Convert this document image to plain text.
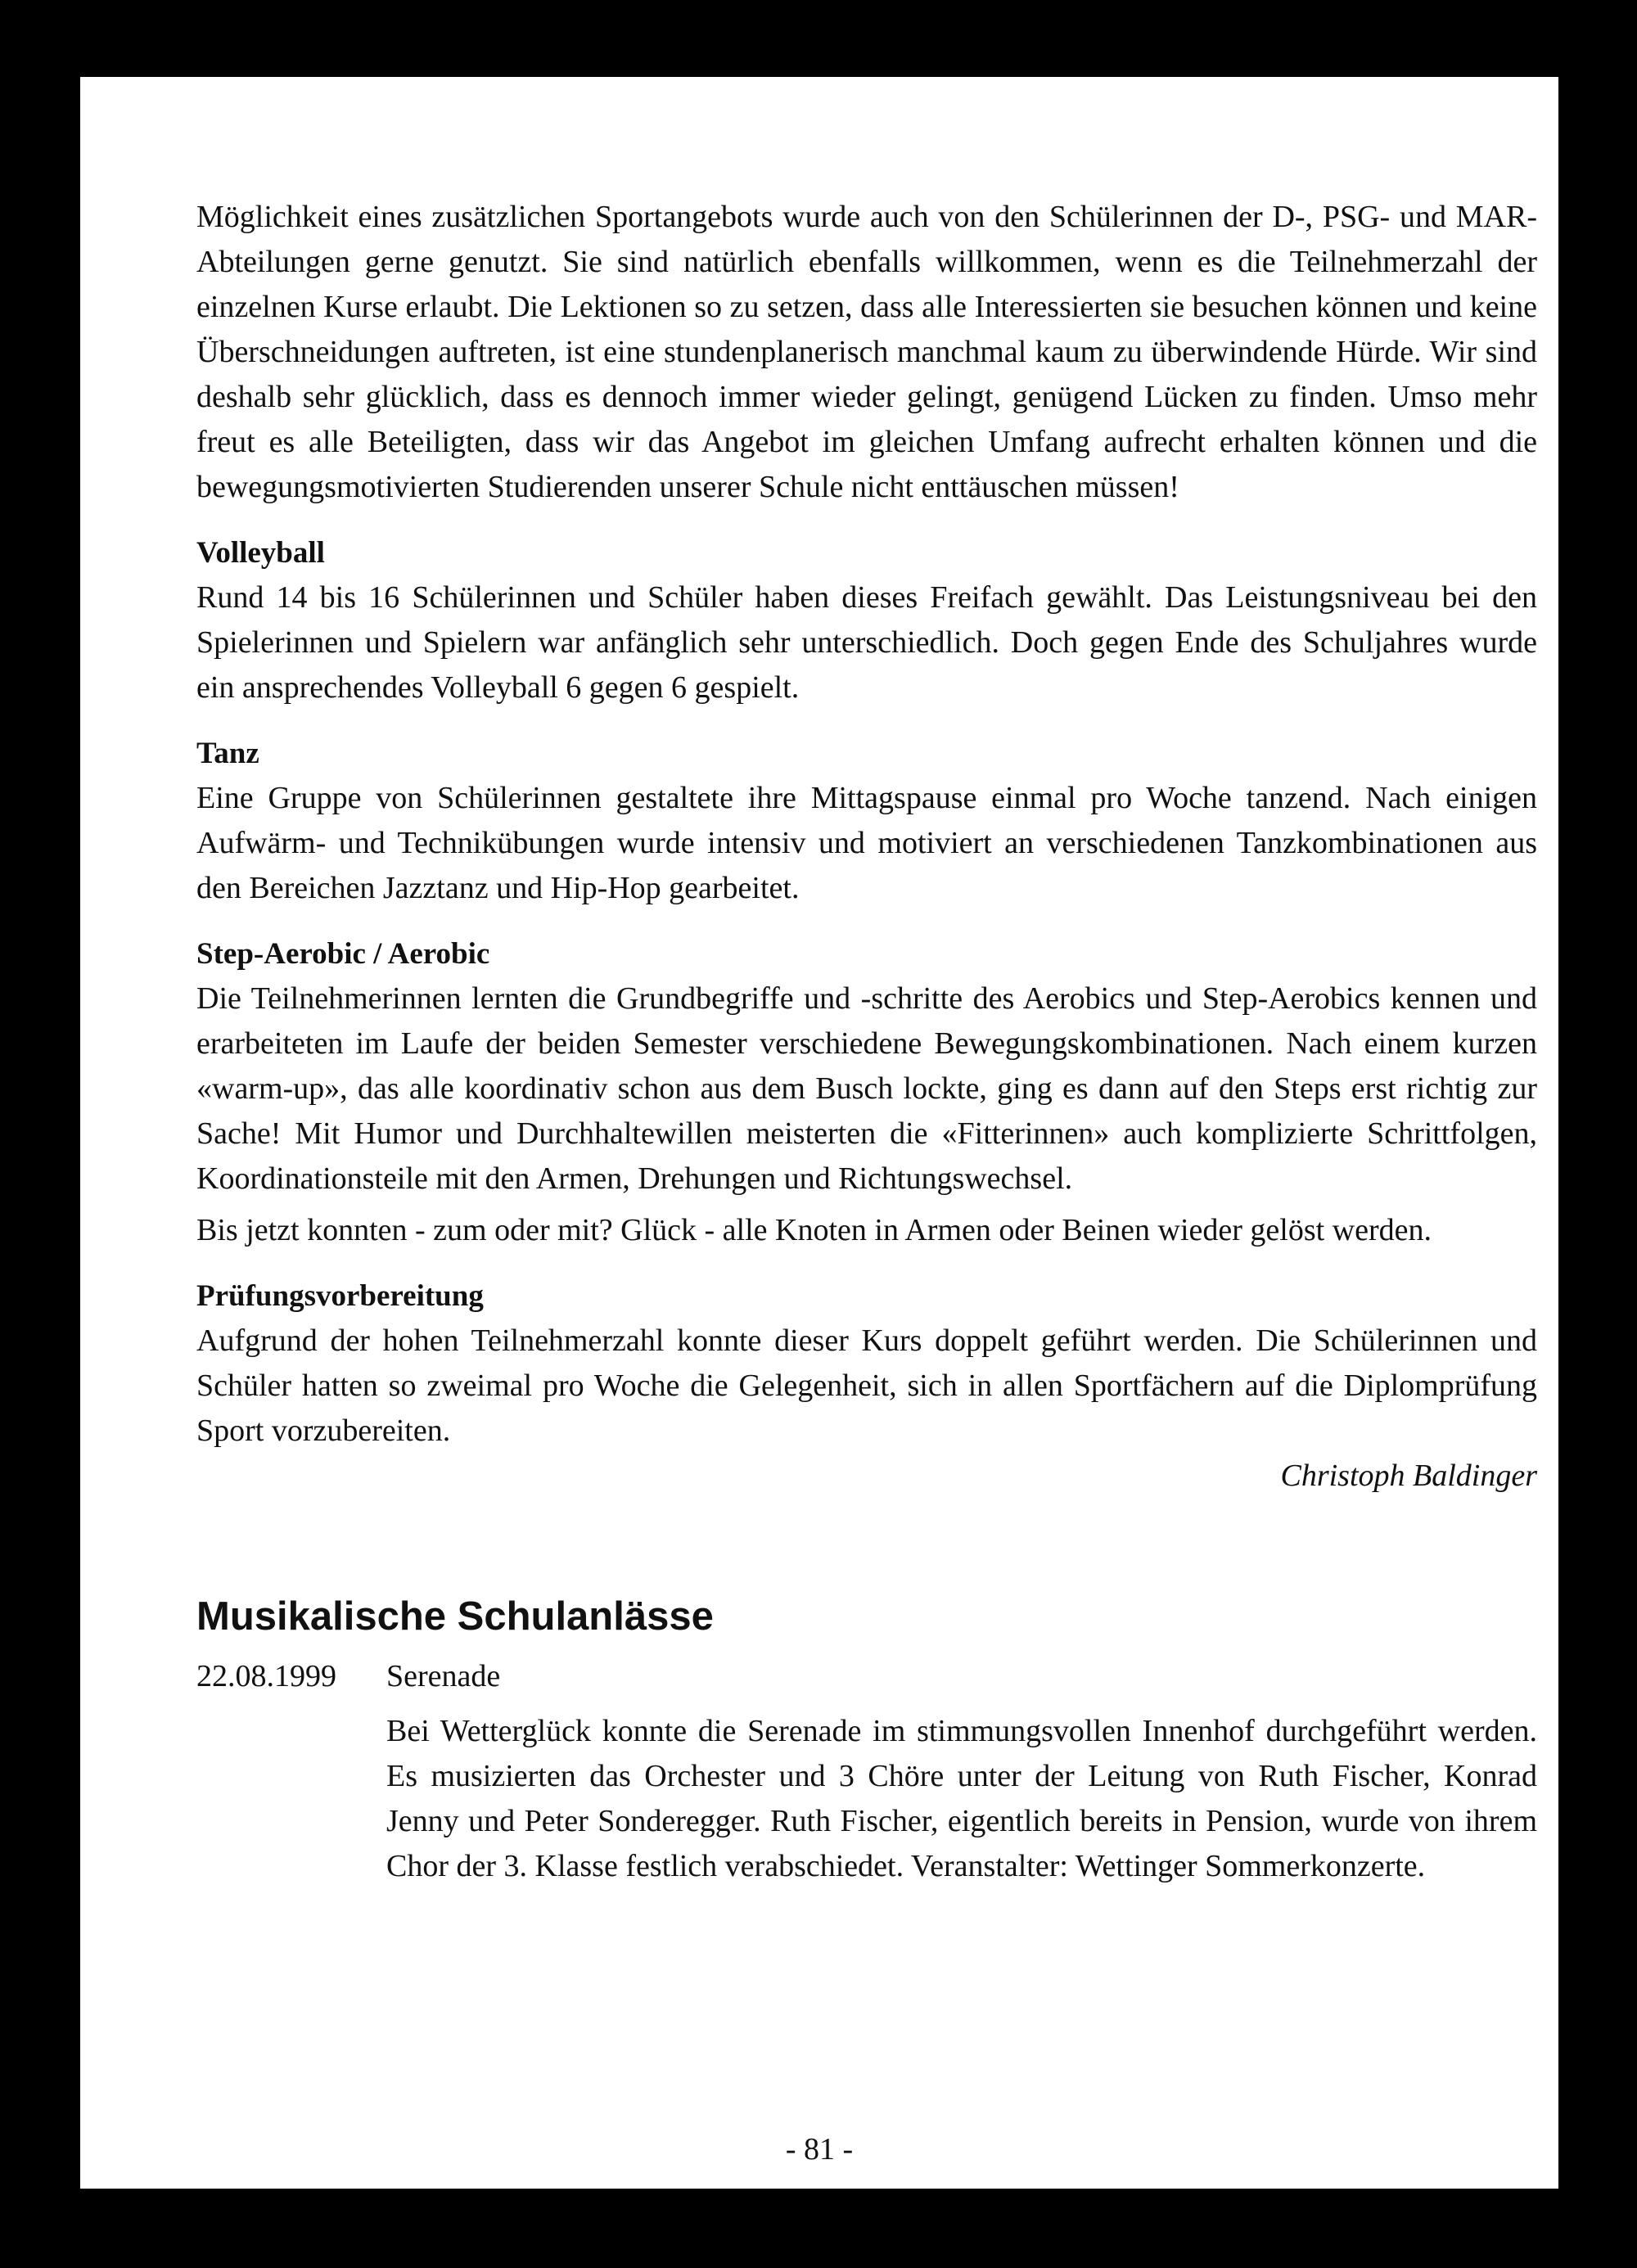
Möglichkeit eines zusätzlichen Sportangebots wurde auch von den Schülerinnen der D-, PSG- und MAR-Abteilungen gerne genutzt. Sie sind natürlich ebenfalls willkommen, wenn es die Teilnehmerzahl der einzelnen Kurse erlaubt. Die Lektionen so zu setzen, dass alle Interessierten sie besuchen können und keine Überschneidungen auftreten, ist eine stundenplanerisch manchmal kaum zu überwindende Hürde. Wir sind deshalb sehr glücklich, dass es dennoch immer wieder gelingt, genügend Lücken zu finden. Umso mehr freut es alle Beteiligten, dass wir das Angebot im gleichen Umfang aufrecht erhalten können und die bewegungsmotivierten Studierenden unserer Schule nicht enttäuschen müssen!

Volleyball

Rund 14 bis 16 Schülerinnen und Schüler haben dieses Freifach gewählt. Das Leistungsniveau bei den Spielerinnen und Spielern war anfänglich sehr unterschiedlich. Doch gegen Ende des Schuljahres wurde ein ansprechendes Volleyball 6 gegen 6 gespielt.

Tanz

Eine Gruppe von Schülerinnen gestaltete ihre Mittagspause einmal pro Woche tanzend. Nach einigen Aufwärm- und Technikübungen wurde intensiv und motiviert an verschiedenen Tanzkombinationen aus den Bereichen Jazztanz und Hip-Hop gearbeitet.

Step-Aerobic / Aerobic

Die Teilnehmerinnen lernten die Grundbegriffe und -schritte des Aerobics und Step-Aerobics kennen und erarbeiteten im Laufe der beiden Semester verschiedene Bewegungskombinationen. Nach einem kurzen «warm-up», das alle koordinativ schon aus dem Busch lockte, ging es dann auf den Steps erst richtig zur Sache! Mit Humor und Durchhaltewillen meisterten die «Fitterinnen» auch komplizierte Schrittfolgen, Koordinationsteile mit den Armen, Drehungen und Richtungswechsel.

Bis jetzt konnten - zum oder mit? Glück - alle Knoten in Armen oder Beinen wieder gelöst werden.

Prüfungsvorbereitung

Aufgrund der hohen Teilnehmerzahl konnte dieser Kurs doppelt geführt werden. Die Schülerinnen und Schüler hatten so zweimal pro Woche die Gelegenheit, sich in allen Sportfächern auf die Diplomprüfung Sport vorzubereiten.

Christoph Baldinger
Musikalische Schulanlässe
22.08.1999	Serenade

Bei Wetterglück konnte die Serenade im stimmungsvollen Innenhof durchgeführt werden. Es musizierten das Orchester und 3 Chöre unter der Leitung von Ruth Fischer, Konrad Jenny und Peter Sonderegger. Ruth Fischer, eigentlich bereits in Pension, wurde von ihrem Chor der 3. Klasse festlich verabschiedet. Veranstalter: Wettinger Sommerkonzerte.

- 81 -
